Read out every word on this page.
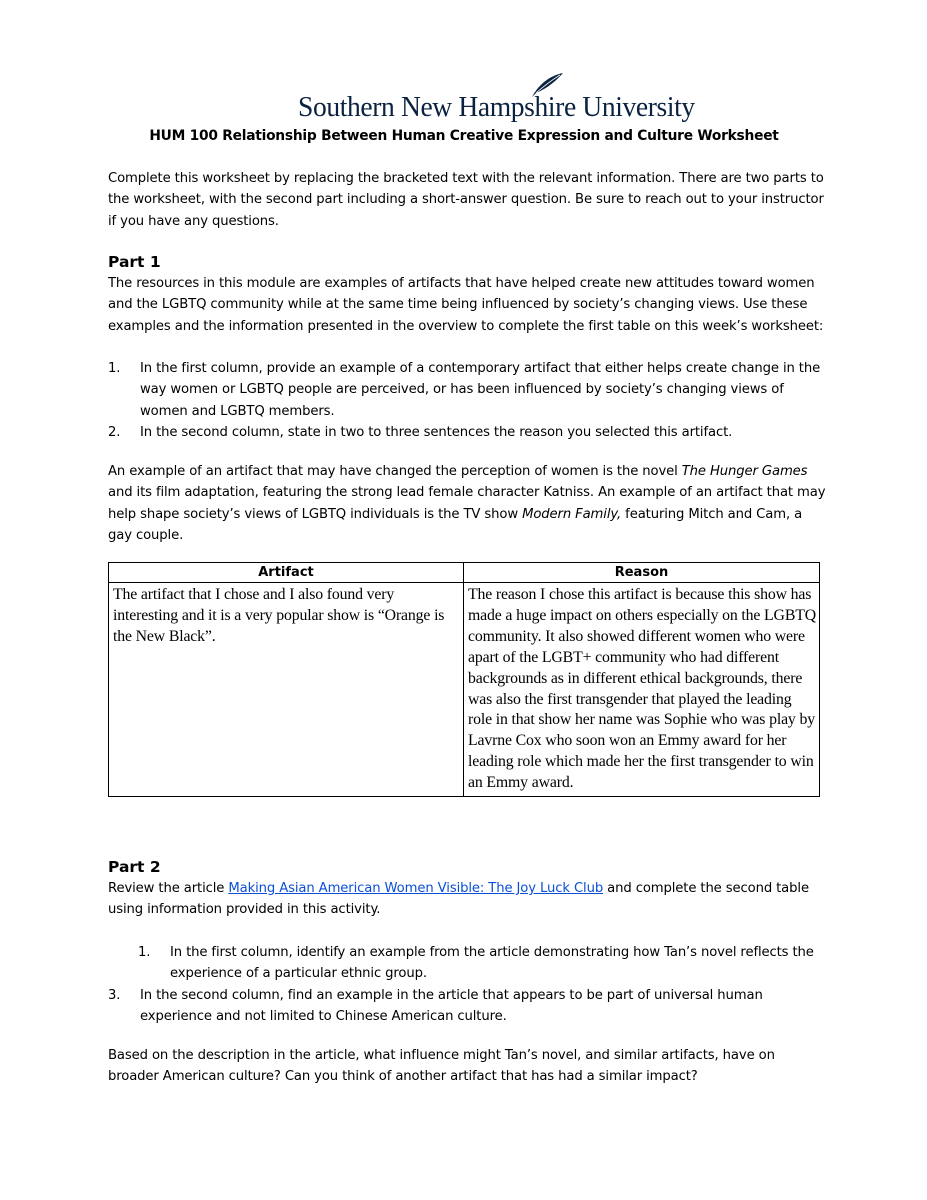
Southern New Hampshire University
HUM 100 Relationship Between Human Creative Expression and Culture Worksheet

Complete this worksheet by replacing the bracketed text with the relevant information. There are two parts to the worksheet, with the second part including a short-answer question. Be sure to reach out to your instructor if you have any questions.

Part 1

The resources in this module are examples of artifacts that have helped create new attitudes toward women and the LGBTQ community while at the same time being influenced by society’s changing views. Use these examples and the information presented in the overview to complete the first table on this week’s worksheet:

1. In the first column, provide an example of a contemporary artifact that either helps create change in the way women or LGBTQ people are perceived, or has been influenced by society’s changing views of women and LGBTQ members.
2. In the second column, state in two to three sentences the reason you selected this artifact.

An example of an artifact that may have changed the perception of women is the novel The Hunger Games and its film adaptation, featuring the strong lead female character Katniss. An example of an artifact that may help shape society’s views of LGBTQ individuals is the TV show Modern Family, featuring Mitch and Cam, a gay couple.

Artifact	Reason
The artifact that I chose and I also found very interesting and it is a very popular show is “Orange is the New Black”.	The reason I chose this artifact is because this show has made a huge impact on others especially on the LGBTQ community. It also showed different women who were apart of the LGBT+ community who had different backgrounds as in different ethical backgrounds, there was also the first transgender that played the leading role in that show her name was Sophie who was play by Lavrne Cox who soon won an Emmy award for her leading role which made her the first transgender to win an Emmy award.
Part 2

Review the article Making Asian American Women Visible: The Joy Luck Club and complete the second table using information provided in this activity.

1. In the first column, identify an example from the article demonstrating how Tan’s novel reflects the experience of a particular ethnic group.
3. In the second column, find an example in the article that appears to be part of universal human experience and not limited to Chinese American culture.

Based on the description in the article, what influence might Tan’s novel, and similar artifacts, have on broader American culture? Can you think of another artifact that has had a similar impact?
